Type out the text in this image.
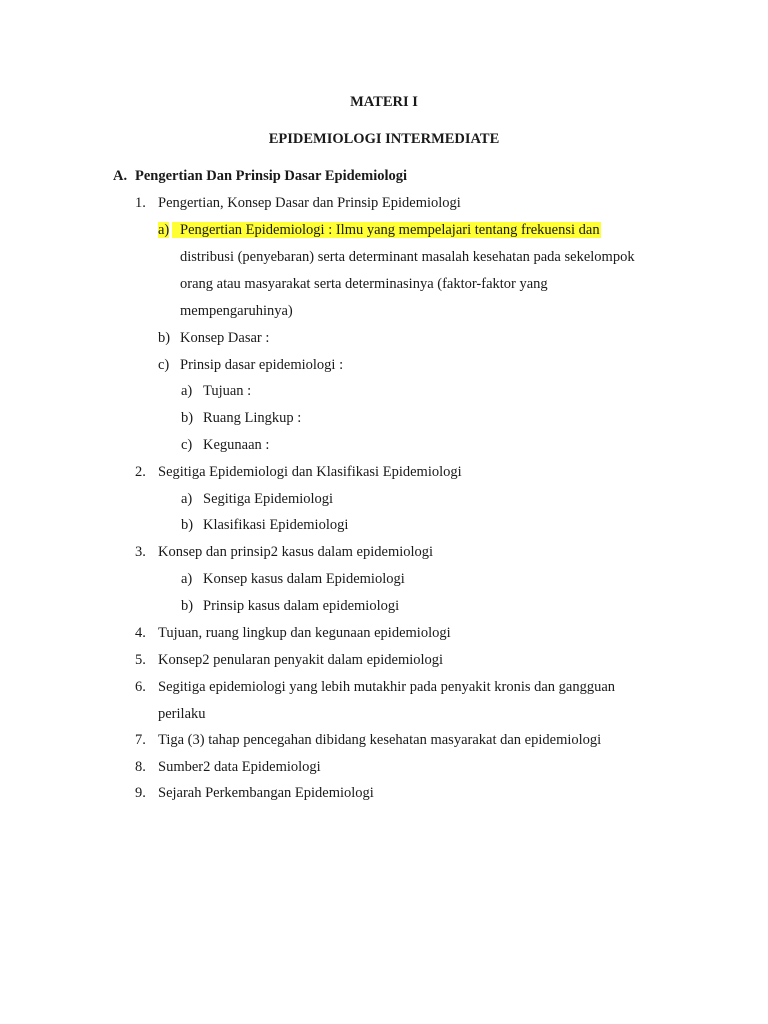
MATERI I
EPIDEMIOLOGI INTERMEDIATE
A. Pengertian Dan Prinsip Dasar Epidemiologi
1. Pengertian, Konsep Dasar dan Prinsip Epidemiologi
a) Pengertian Epidemiologi : Ilmu yang mempelajari tentang frekuensi dan
distribusi (penyebaran) serta determinant masalah kesehatan pada sekelompok
orang atau masyarakat serta determinasinya (faktor-faktor yang
mempengaruhinya)
b) Konsep Dasar :
c) Prinsip dasar epidemiologi :
a) Tujuan :
b) Ruang Lingkup :
c) Kegunaan :
2. Segitiga Epidemiologi dan Klasifikasi Epidemiologi
a) Segitiga Epidemiologi
b) Klasifikasi Epidemiologi
3. Konsep dan prinsip2 kasus dalam epidemiologi
a) Konsep kasus dalam Epidemiologi
b) Prinsip kasus dalam epidemiologi
4. Tujuan, ruang lingkup dan kegunaan epidemiologi
5. Konsep2 penularan penyakit dalam epidemiologi
6. Segitiga epidemiologi yang lebih mutakhir pada penyakit kronis dan gangguan
perilaku
7. Tiga (3) tahap pencegahan dibidang kesehatan masyarakat dan epidemiologi
8. Sumber2 data Epidemiologi
9. Sejarah Perkembangan Epidemiologi
